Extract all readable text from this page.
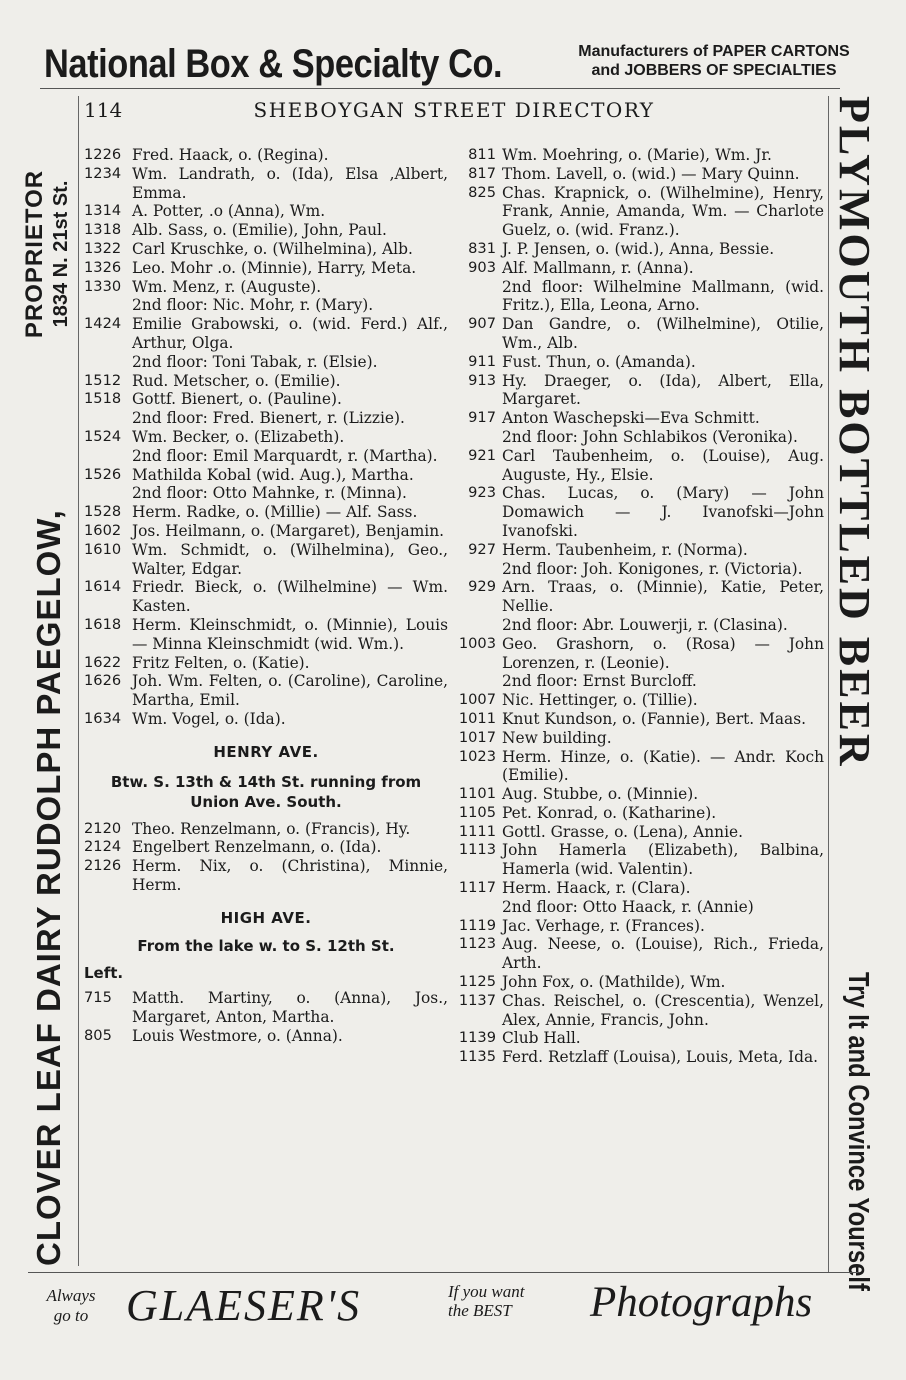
National Box & Specialty Co.	Manufacturers of PAPER CARTONS
and JOBBERS OF SPECIALTIES
114	SHEBOYGAN STREET DIRECTORY
CLOVER LEAF DAIRY RUDOLPH PAEGELOW,
PROPRIETOR 1834 N. 21st St.	PLYMOUTH BOTTLED BEER
Try It and Convince Yourself
1226 Fred. Haack, o. (Regina).
1234 Wm. Landrath, o. (Ida), Elsa ,Albert, Emma.
1314 A. Potter, .o (Anna), Wm.
1318 Alb. Sass, o. (Emilie), John, Paul.
1322 Carl Kruschke, o. (Wilhelmina), Alb.
1326 Leo. Mohr .o. (Minnie), Harry, Meta.
1330 Wm. Menz, r. (Auguste).
2nd floor: Nic. Mohr, r. (Mary).
1424 Emilie Grabowski, o. (wid. Ferd.) Alf., Arthur, Olga.
2nd floor: Toni Tabak, r. (Elsie).
1512 Rud. Metscher, o. (Emilie).
1518 Gottf. Bienert, o. (Pauline).
2nd floor: Fred. Bienert, r. (Lizzie).
1524 Wm. Becker, o. (Elizabeth).
2nd floor: Emil Marquardt, r. (Martha).
1526 Mathilda Kobal (wid. Aug.), Martha.
2nd floor: Otto Mahnke, r. (Minna).
1528 Herm. Radke, o. (Millie) — Alf. Sass.
1602 Jos. Heilmann, o. (Margaret), Benjamin.
1610 Wm. Schmidt, o. (Wilhelmina), Geo., Walter, Edgar.
1614 Friedr. Bieck, o. (Wilhelmine) — Wm. Kasten.
1618 Herm. Kleinschmidt, o. (Minnie), Louis — Minna Kleinschmidt (wid. Wm.).
1622 Fritz Felten, o. (Katie).
1626 Joh. Wm. Felten, o. (Caroline), Caroline, Martha, Emil.
1634 Wm. Vogel, o. (Ida).
HENRY AVE.
Btw. S. 13th & 14th St. running from Union Ave. South.
2120 Theo. Renzelmann, o. (Francis), Hy.
2124 Engelbert Renzelmann, o. (Ida).
2126 Herm. Nix, o. (Christina), Minnie, Herm.
HIGH AVE.
From the lake w. to S. 12th St.
Left.
715	Matth. Martiny, o. (Anna), Jos., Margaret, Anton, Martha.
805	Louis Westmore, o. (Anna).
811 Wm. Moehring, o. (Marie), Wm. Jr.
817 Thom. Lavell, o. (wid.) — Mary Quinn.
825 Chas. Krapnick, o. (Wilhelmine), Henry, Frank, Annie, Amanda, Wm. — Charlote Guelz, o. (wid. Franz.).
831 J. P. Jensen, o. (wid.), Anna, Bessie.
903 Alf. Mallmann, r. (Anna).
2nd floor: Wilhelmine Mallmann, (wid. Fritz.), Ella, Leona, Arno.
907 Dan Gandre, o. (Wilhelmine), Otilie, Wm., Alb.
911 Fust. Thun, o. (Amanda).
913 Hy. Draeger, o. (Ida), Albert, Ella, Margaret.
917 Anton Waschepski—Eva Schmitt.
2nd floor: John Schlabikos (Veronika).
921 Carl Taubenheim, o. (Louise), Aug. Auguste, Hy., Elsie.
923 Chas. Lucas, o. (Mary) — John Domawich — J. Ivanofski—John Ivanofski.
927 Herm. Taubenheim, r. (Norma).
2nd floor: Joh. Konigones, r. (Victoria).
929 Arn. Traas, o. (Minnie), Katie, Peter, Nellie.
2nd floor: Abr. Louwerji, r. (Clasina).
1003 Geo. Grashorn, o. (Rosa) — John Lorenzen, r. (Leonie).
2nd floor: Ernst Burcloff.
1007 Nic. Hettinger, o. (Tillie).
1011 Knut Kundson, o. (Fannie), Bert. Maas.
1017 New building.
1023 Herm. Hinze, o. (Katie). — Andr. Koch (Emilie).
1101 Aug. Stubbe, o. (Minnie).
1105 Pet. Konrad, o. (Katharine).
1111 Gottl. Grasse, o. (Lena), Annie.
1113 John Hamerla (Elizabeth), Balbina, Hamerla (wid. Valentin).
1117 Herm. Haack, r. (Clara).
2nd floor: Otto Haack, r. (Annie)
1119 Jac. Verhage, r. (Frances).
1123 Aug. Neese, o. (Louise), Rich., Frieda, Arth.
1125 John Fox, o. (Mathilde), Wm.
1137 Chas. Reischel, o. (Crescentia), Wenzel, Alex, Annie, Francis, John.
1139 Club Hall.
1135 Ferd. Retzlaff (Louisa), Louis, Meta, Ida.
Always
go to GLAESER'S	If you want
the BEST	Photographs
